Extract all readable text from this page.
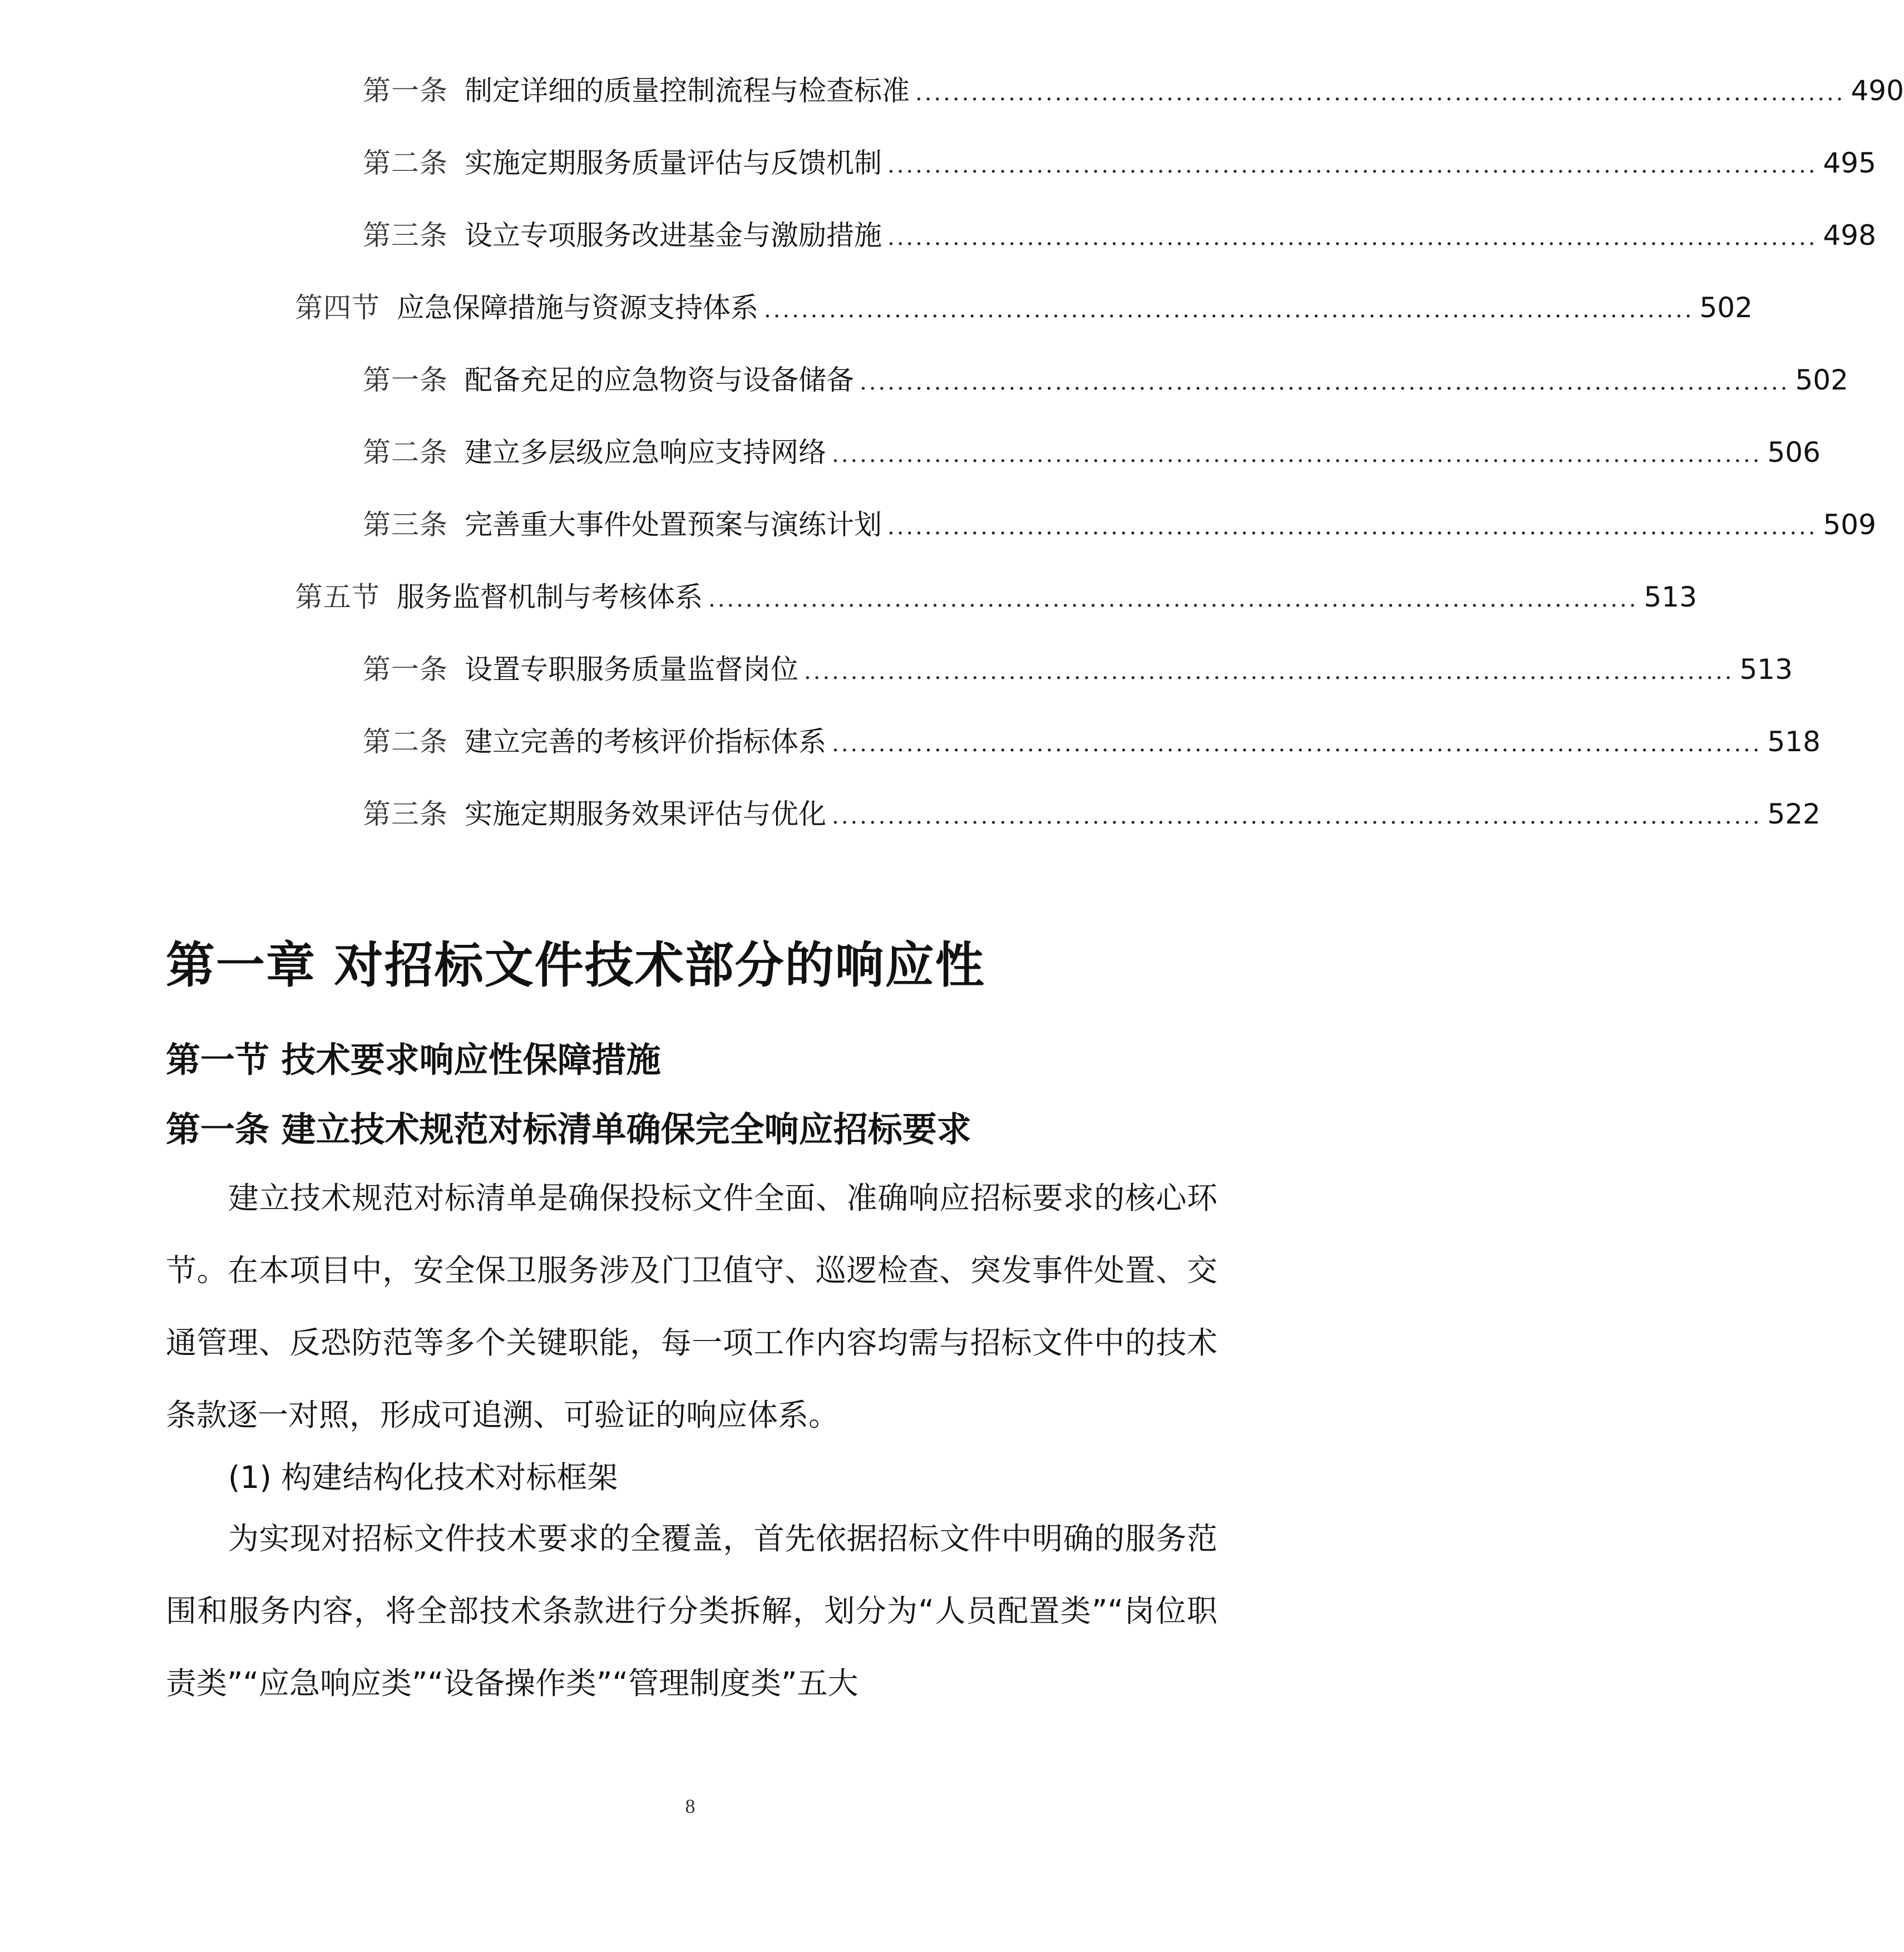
第一条 制定详细的质量控制流程与检查标准 .................................................................................................... 490
第二条 实施定期服务质量评估与反馈机制 .................................................................................................... 495
第三条 设立专项服务改进基金与激励措施 .................................................................................................... 498
第四节 应急保障措施与资源支持体系 .................................................................................................... 502
第一条 配备充足的应急物资与设备储备 .................................................................................................... 502
第二条 建立多层级应急响应支持网络 .................................................................................................... 506
第三条 完善重大事件处置预案与演练计划 .................................................................................................... 509
第五节 服务监督机制与考核体系 .................................................................................................... 513
第一条 设置专职服务质量监督岗位 .................................................................................................... 513
第二条 建立完善的考核评价指标体系 .................................................................................................... 518
第三条 实施定期服务效果评估与优化 .................................................................................................... 522
第一章 对招标文件技术部分的响应性
第一节 技术要求响应性保障措施
第一条 建立技术规范对标清单确保完全响应招标要求

建立技术规范对标清单是确保投标文件全面、准确响应招标要求的核心环节。在本项目中，安全保卫服务涉及门卫值守、巡逻检查、突发事件处置、交通管理、反恐防范等多个关键职能，每一项工作内容均需与招标文件中的技术条款逐一对照，形成可追溯、可验证的响应体系。

(1) 构建结构化技术对标框架

为实现对招标文件技术要求的全覆盖，首先依据招标文件中明确的服务范围和服务内容，将全部技术条款进行分类拆解，划分为“人员配置类”“岗位职责类”“应急响应类”“设备操作类”“管理制度类”五大

8
